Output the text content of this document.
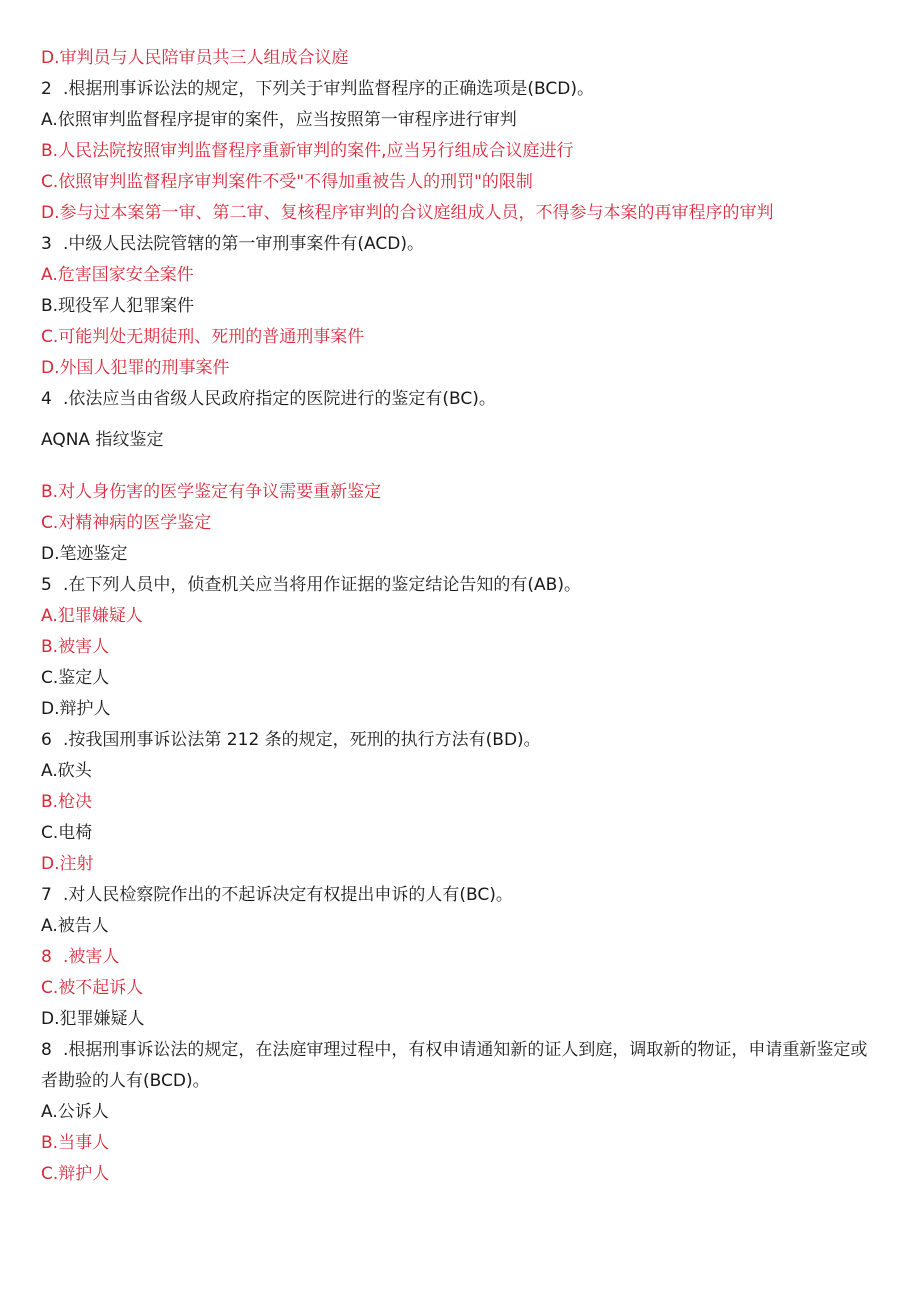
D.审判员与人民陪审员共三人组成合议庭
2 .根据刑事诉讼法的规定，下列关于审判监督程序的正确选项是(BCD)。
A.依照审判监督程序提审的案件，应当按照第一审程序进行审判
B.人民法院按照审判监督程序重新审判的案件,应当另行组成合议庭进行
C.依照审判监督程序审判案件不受"不得加重被告人的刑罚"的限制
D.参与过本案第一审、第二审、复核程序审判的合议庭组成人员，不得参与本案的再审程序的审判
3 .中级人民法院管辖的第一审刑事案件有(ACD)。
A.危害国家安全案件
B.现役军人犯罪案件
C.可能判处无期徒刑、死刑的普通刑事案件
D.外国人犯罪的刑事案件
4 .依法应当由省级人民政府指定的医院进行的鉴定有(BC)。
AQNA 指纹鉴定
B.对人身伤害的医学鉴定有争议需要重新鉴定
C.对精神病的医学鉴定
D.笔迹鉴定
5 .在下列人员中，侦查机关应当将用作证据的鉴定结论告知的有(AB)。
A.犯罪嫌疑人
B.被害人
C.鉴定人
D.辩护人
6 .按我国刑事诉讼法第 212 条的规定，死刑的执行方法有(BD)。
A.砍头
B.枪决
C.电椅
D.注射
7 .对人民检察院作出的不起诉决定有权提出申诉的人有(BC)。
A.被告人
8 .被害人
C.被不起诉人
D.犯罪嫌疑人
8 .根据刑事诉讼法的规定，在法庭审理过程中，有权申请通知新的证人到庭，调取新的物证，申请重新鉴定或者勘验的人有(BCD)。
A.公诉人
B.当事人
C.辩护人
